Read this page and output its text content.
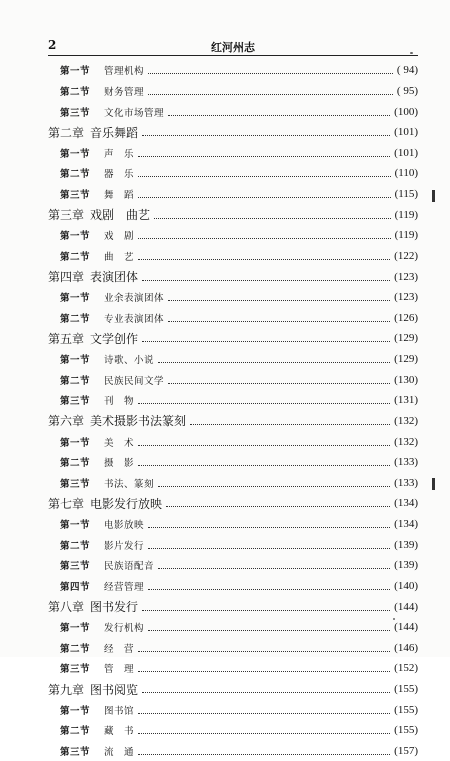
2	红河州志
第一节	管理机构	( 94)
第二节	财务管理	( 95)
第三节	文化市场管理	(100)
第二章 音乐舞蹈	(101)
第一节	声　乐	(101)
第二节	器　乐	(110)
第三节	舞　蹈	(115)
第三章 戏剧　曲艺	(119)
第一节	戏　剧	(119)
第二节	曲　艺	(122)
第四章 表演团体	(123)
第一节	业余表演团体	(123)
第二节	专业表演团体	(126)
第五章 文学创作	(129)
第一节	诗歌、小说	(129)
第二节	民族民间文学	(130)
第三节	刊　物	(131)
第六章 美术摄影书法篆刻	(132)
第一节	美　术	(132)
第二节	摄　影	(133)
第三节	书法、篆刻	(133)
第七章 电影发行放映	(134)
第一节	电影放映	(134)
第二节	影片发行	(139)
第三节	民族语配音	(139)
第四节	经营管理	(140)
第八章 图书发行	(144)
第一节	发行机构	(144)
第二节	经　营	(146)
第三节	管　理	(152)
第九章 图书阅览	(155)
第一节	图书馆	(155)
第二节	藏　书	(155)
第三节	流　通	(157)
